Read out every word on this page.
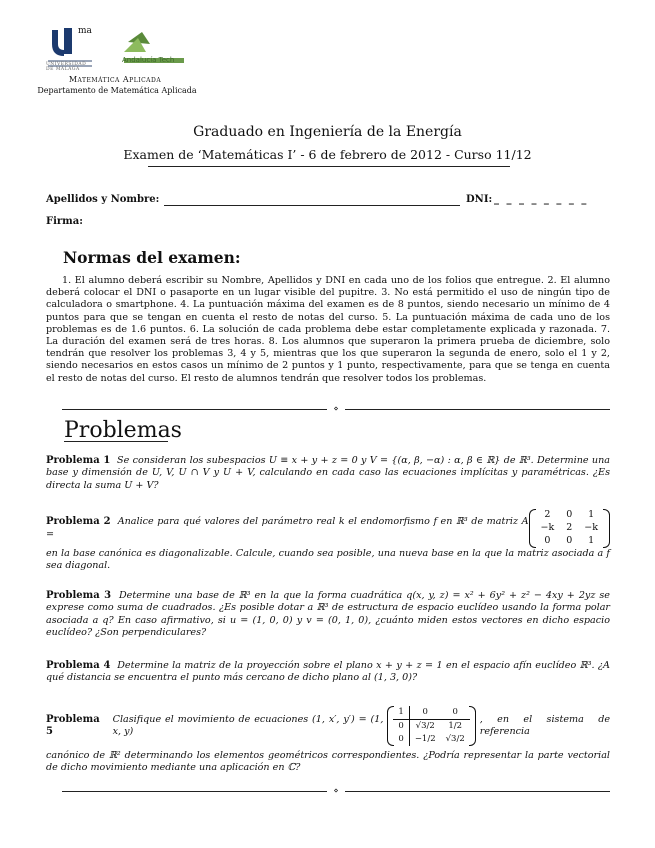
ma
Andalucía Tech
UNIVERSIDAD DE MÁLAGA
Matemática Aplicada
Departamento de Matemática Aplicada
Graduado en Ingeniería de la Energía
Examen de ‘Matemáticas I’ - 6 de febrero de 2012 - Curso 11/12
Apellidos y Nombre:	DNI: _ _ _ _ _ _ _ _
Firma:
Normas del examen:
1. El alumno deberá escribir su Nombre, Apellidos y DNI en cada uno de los folios que entregue. 2. El alumno deberá colocar el DNI o pasaporte en un lugar visible del pupitre. 3. No está permitido el uso de ningún tipo de calculadora o smartphone. 4. La puntuación máxima del examen es de 8 puntos, siendo necesario un mínimo de 4 puntos para que se tengan en cuenta el resto de notas del curso. 5. La puntuación máxima de cada uno de los problemas es de 1.6 puntos. 6. La solución de cada problema debe estar completamente explicada y razonada. 7. La duración del examen será de tres horas. 8. Los alumnos que superaron la primera prueba de diciembre, solo tendrán que resolver los problemas 3, 4 y 5, mientras que los que superaron la segunda de enero, solo el 1 y 2, siendo necesarios en estos casos un mínimo de 2 puntos y 1 punto, respectivamente, para que se tenga en cuenta el resto de notas del curso. El resto de alumnos tendrán que resolver todos los problemas.
⋄
Problemas
Problema 1 Se consideran los subespacios U ≡ x + y + z = 0 y V = {(α, β, −α) : α, β ∈ ℝ} de ℝ³. Determine una base y dimensión de U, V, U ∩ V y U + V, calculando en cada caso las ecuaciones implícitas y paramétricas. ¿Es directa la suma U + V?
Problema 2 Analice para qué valores del parámetro real k el endomorfismo f en ℝ³ de matriz A =
2	0	1
−k	2	−k
0	0	1
en la base canónica es diagonalizable. Calcule, cuando sea posible, una nueva base en la que la matriz asociada a f sea diagonal.
Problema 3 Determine una base de ℝ³ en la que la forma cuadrática q(x, y, z) = x² + 6y² + z² − 4xy + 2yz se exprese como suma de cuadrados. ¿Es posible dotar a ℝ³ de estructura de espacio euclídeo usando la forma polar asociada a q? En caso afirmativo, si u = (1, 0, 0) y v = (0, 1, 0), ¿cuánto miden estos vectores en dicho espacio euclídeo? ¿Son perpendiculares?
Problema 4 Determine la matriz de la proyección sobre el plano x + y + z = 1 en el espacio afín euclídeo ℝ³. ¿A qué distancia se encuentra el punto más cercano de dicho plano al (1, 3, 0)?
Problema 5

Clasifique el movimiento de ecuaciones (1, x′, y′) = (1, x, y)
1	0	0
0	√3/2	1/2
0	−1/2	√3/2
, en el sistema de referencia
canónico de ℝ² determinando los elementos geométricos correspondientes. ¿Podría representar la parte vectorial de dicho movimiento mediante una aplicación en ℂ?
⋄
